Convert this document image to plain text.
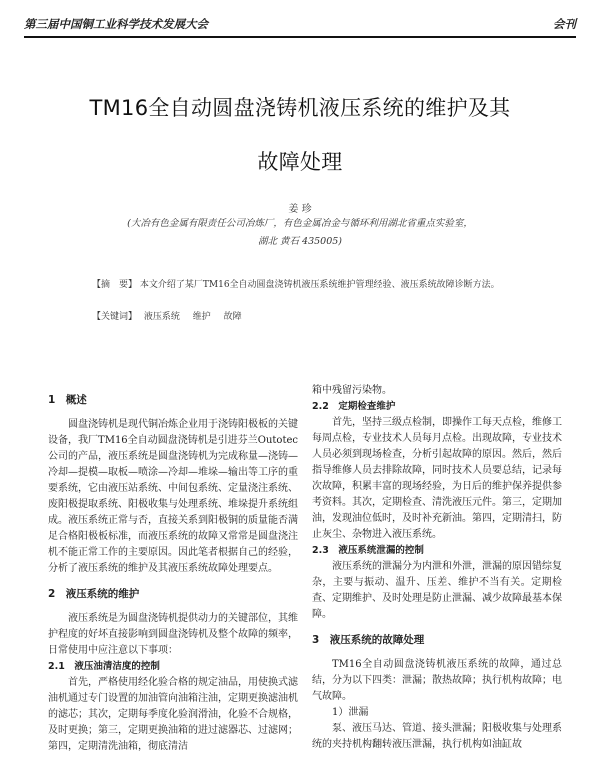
第三届中国铜工业科学技术发展大会	会刊
TM16全自动圆盘浇铸机液压系统的维护及其
故障处理
姜 珍
(大冶有色金属有限责任公司冶炼厂，有色金属冶金与循环利用湖北省重点实验室，
湖北 黄石 435005)
【摘　要】 本文介绍了某厂TM16全自动圆盘浇铸机液压系统维护管理经验、液压系统故障诊断方法。
【关键词】 液压系统 维护 故障

1　概述

圆盘浇铸机是现代铜冶炼企业用于浇铸阳极板的关键设备，我厂TM16全自动圆盘浇铸机是引进芬兰Outotec公司的产品，液压系统是圆盘浇铸机为完成称量—浇铸—冷却—提模—取板—喷涂—冷却—堆垛—输出等工序的重要系统，它由液压站系统、中间包系统、定量浇注系统、废阳极提取系统、阳极收集与处理系统、堆垛提升系统组成。液压系统正常与否，直接关系到阳极铜的质量能否满足合格阳极板标准，而液压系统的故障又常常是圆盘浇注机不能正常工作的主要原因。因此笔者根据自己的经验，分析了液压系统的维护及其液压系统故障处理要点。

2　液压系统的维护

液压系统是为圆盘浇铸机提供动力的关键部位，其维护程度的好坏直接影响到圆盘浇铸机及整个故障的频率，日常使用中应注意以下事项：

2.1　液压油清洁度的控制

首先，严格使用经化验合格的规定油品，用使换式滤油机通过专门设置的加油管向油箱注油，定期更换滤油机的滤芯；其次，定期每季度化验润滑油，化验不合规格，及时更换；第三，定期更换油箱的进过滤器芯、过滤网；第四，定期清洗油箱，彻底清洁

箱中残留污染物。

2.2　定期检查维护

首先，坚持三级点检制，即操作工每天点检，维修工每周点检，专业技术人员每月点检。出现故障，专业技术人员必须到现场检查，分析引起故障的原因。然后，然后指导维修人员去排除故障，同时技术人员要总结，记录每次故障，积累丰富的现场经验，为日后的维护保养提供参考资料。其次，定期检查、清洗液压元件。第三，定期加油，发现油位低时，及时补充新油。第四，定期清扫，防止灰尘、杂物进入液压系统。

2.3　液压系统泄漏的控制

液压系统的泄漏分为内泄和外泄，泄漏的原因错综复杂，主要与振动、温升、压差、维护不当有关。定期检查、定期维护、及时处理是防止泄漏、减少故障最基本保障。

3　液压系统的故障处理

TM16全自动圆盘浇铸机液压系统的故障，通过总结，分为以下四类：泄漏；散热故障；执行机构故障；电气故障。

1）泄漏

泵、液压马达、管道、接头泄漏；阳极收集与处理系统的夹持机构翻转液压泄漏，执行机构如油缸故
